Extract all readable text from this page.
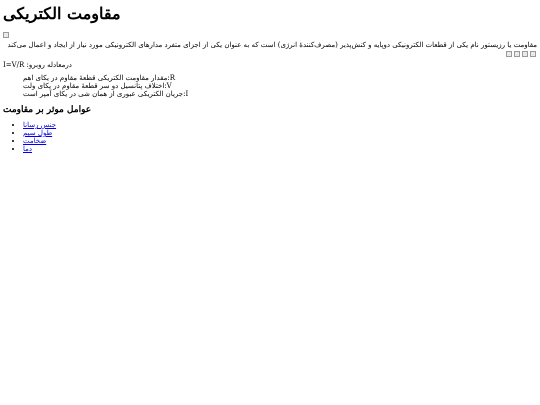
مقاومت الکتریکی

مقاومت یا رزیستور نام یکی از قطعات الکترونیکی دوپایه و کنش‌پذیر (مصرف‌کنندهٔ انرژی) است که به عنوان یکی از اجزای متفرد مدارهای الکترونیکی مورد نیاز از ایجاد و اعمال می‌کند

درمعادله روبرو: I=V/R

R:مقدار مقاومت الکتریکی قطعهٔ مقاوم در یکای اهم
V:اختلاف پتانسیل دو سر قطعهٔ مقاوم در یکای ولت
I:جریان الکتریکی عبوری از همان شی در یکای آمپر است
عوامل موثر بر مقاومت
• جنس رسانا
• طول سیم
• ضخامت
• دما
